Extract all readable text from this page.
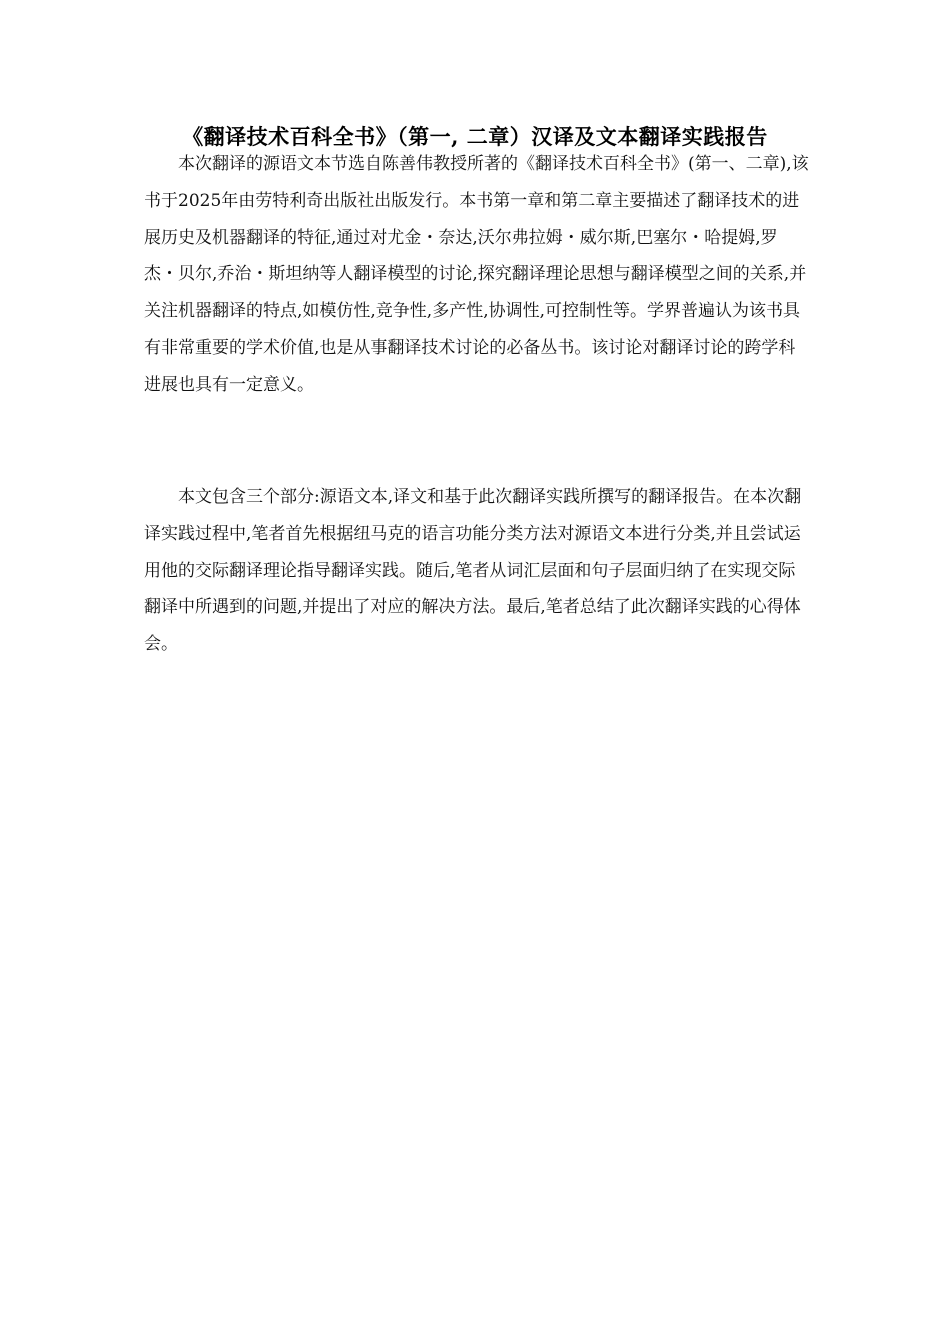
《翻译技术百科全书》（第一, 二章）汉译及文本翻译实践报告

本次翻译的源语文本节选自陈善伟教授所著的《翻译技术百科全书》(第一、二章),该书于2025年由劳特利奇出版社出版发行。本书第一章和第二章主要描述了翻译技术的进展历史及机器翻译的特征,通过对尤金・奈达,沃尔弗拉姆・威尔斯,巴塞尔・哈提姆,罗杰・贝尔,乔治・斯坦纳等人翻译模型的讨论,探究翻译理论思想与翻译模型之间的关系,并关注机器翻译的特点,如模仿性,竞争性,多产性,协调性,可控制性等。学界普遍认为该书具有非常重要的学术价值,也是从事翻译技术讨论的必备丛书。该讨论对翻译讨论的跨学科进展也具有一定意义。

本文包含三个部分:源语文本,译文和基于此次翻译实践所撰写的翻译报告。在本次翻译实践过程中,笔者首先根据纽马克的语言功能分类方法对源语文本进行分类,并且尝试运用他的交际翻译理论指导翻译实践。随后,笔者从词汇层面和句子层面归纳了在实现交际翻译中所遇到的问题,并提出了对应的解决方法。最后,笔者总结了此次翻译实践的心得体会。
